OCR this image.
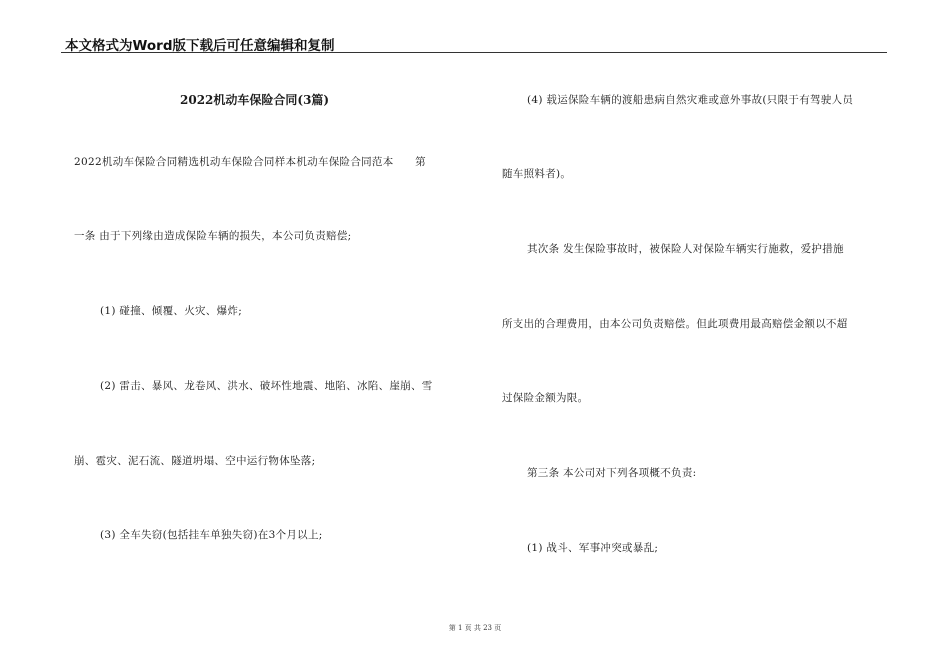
本文格式为Word版下载后可任意编辑和复制
2022机动车保险合同(3篇)
2022机动车保险合同精选机动车保险合同样本机动车保险合同范本　　第
一条 由于下列缘由造成保险车辆的损失，本公司负责赔偿;
(1) 碰撞、倾覆、火灾、爆炸;
(2) 雷击、暴风、龙卷风、洪水、破坏性地震、地陷、冰陷、崖崩、雪
崩、雹灾、泥石流、隧道坍塌、空中运行物体坠落;
(3) 全车失窃(包括挂车单独失窃)在3个月以上;
(4) 载运保险车辆的渡船患病自然灾难或意外事故(只限于有驾驶人员
随车照料者)。
其次条 发生保险事故时，被保险人对保险车辆实行施救，爱护措施
所支出的合理费用，由本公司负责赔偿。但此项费用最高赔偿金额以不超
过保险金额为限。
第三条 本公司对下列各项概不负责:
(1) 战斗、军事冲突或暴乱;
第 1 页 共 23 页
